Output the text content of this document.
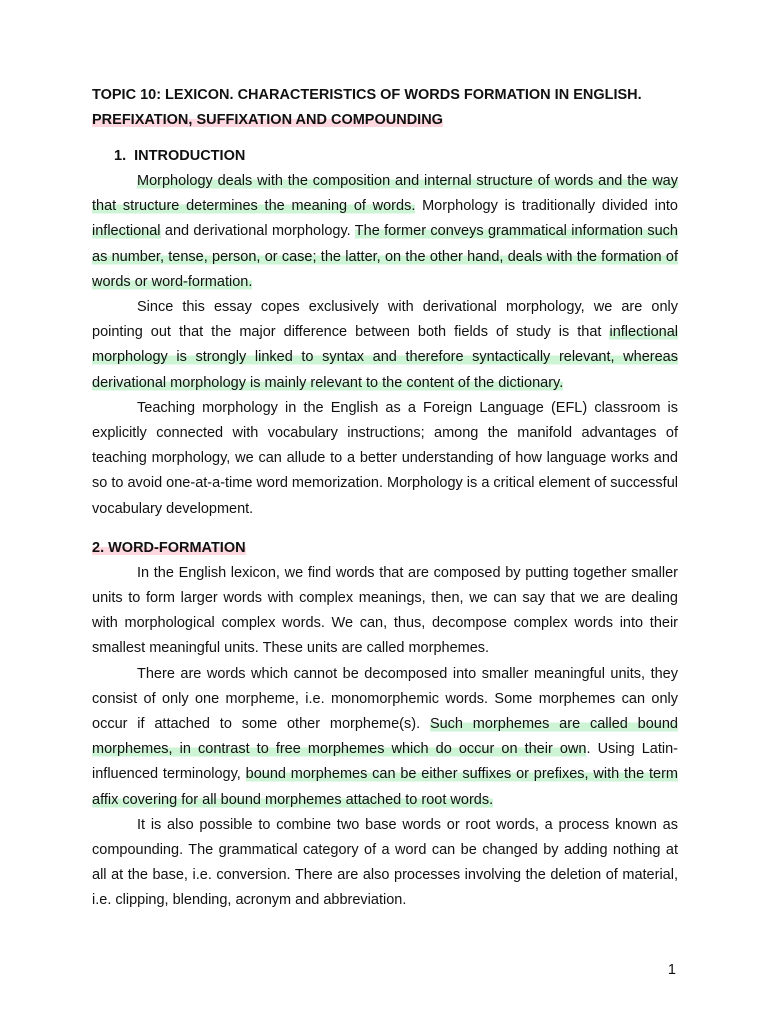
TOPIC 10: LEXICON. CHARACTERISTICS OF WORDS FORMATION IN ENGLISH.
PREFIXATION, SUFFIXATION AND COMPOUNDING
1. INTRODUCTION

Morphology deals with the composition and internal structure of words and the way that structure determines the meaning of words. Morphology is traditionally divided into inflectional and derivational morphology. The former conveys grammatical information such as number, tense, person, or case; the latter, on the other hand, deals with the formation of words or word-formation.

Since this essay copes exclusively with derivational morphology, we are only pointing out that the major difference between both fields of study is that inflectional morphology is strongly linked to syntax and therefore syntactically relevant, whereas derivational morphology is mainly relevant to the content of the dictionary.

Teaching morphology in the English as a Foreign Language (EFL) classroom is explicitly connected with vocabulary instructions; among the manifold advantages of teaching morphology, we can allude to a better understanding of how language works and so to avoid one-at-a-time word memorization. Morphology is a critical element of successful vocabulary development.

2. WORD-FORMATION

In the English lexicon, we find words that are composed by putting together smaller units to form larger words with complex meanings, then, we can say that we are dealing with morphological complex words. We can, thus, decompose complex words into their smallest meaningful units. These units are called morphemes.

There are words which cannot be decomposed into smaller meaningful units, they consist of only one morpheme, i.e. monomorphemic words. Some morphemes can only occur if attached to some other morpheme(s). Such morphemes are called bound morphemes, in contrast to free morphemes which do occur on their own. Using Latin-influenced terminology, bound morphemes can be either suffixes or prefixes, with the term affix covering for all bound morphemes attached to root words.

It is also possible to combine two base words or root words, a process known as compounding. The grammatical category of a word can be changed by adding nothing at all at the base, i.e. conversion. There are also processes involving the deletion of material, i.e. clipping, blending, acronym and abbreviation.

1
